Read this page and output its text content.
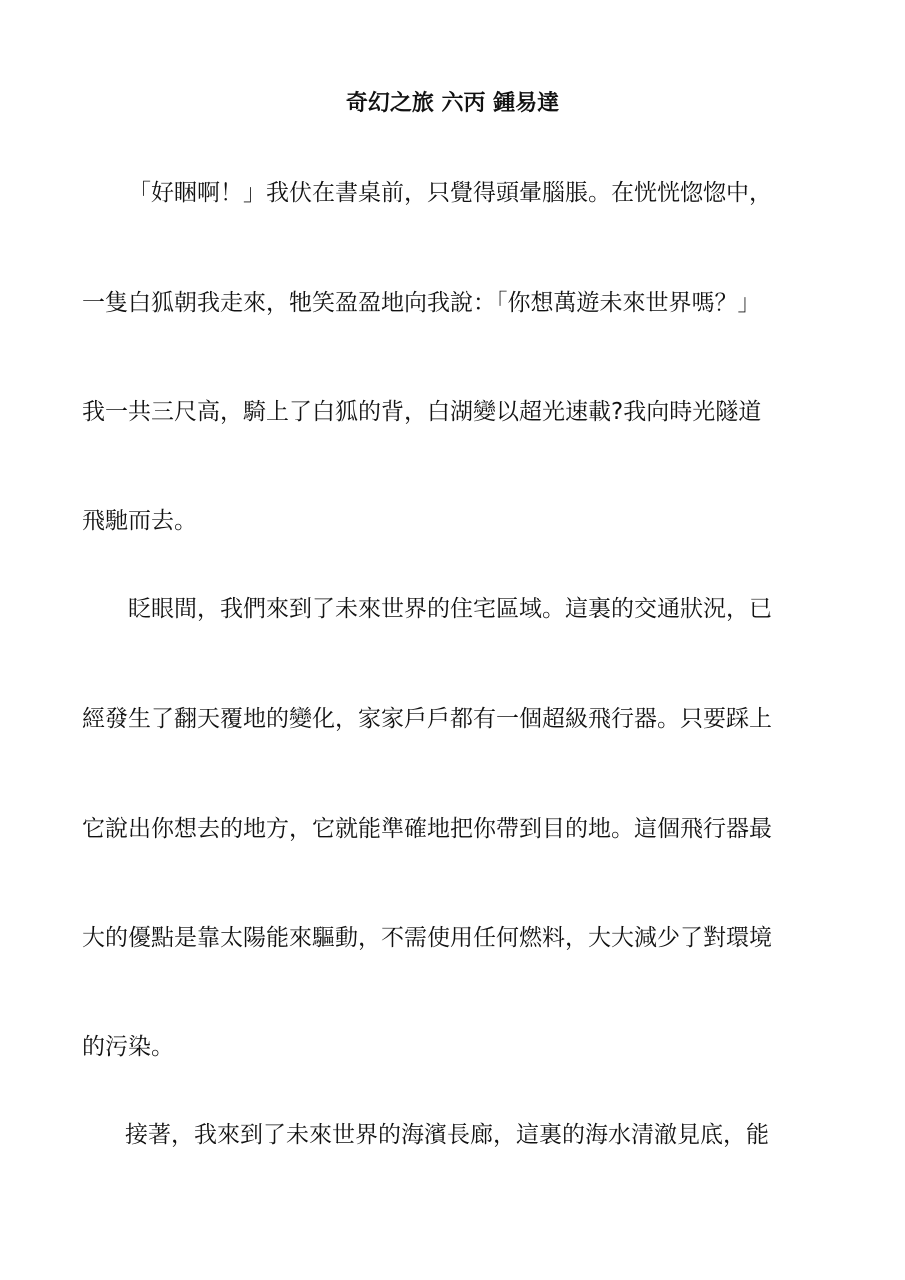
奇幻之旅 六丙 鍾易達
「好睏啊！」我伏在書桌前，只覺得頭暈腦脹。在恍恍惚惚中，
一隻白狐朝我走來，牠笑盈盈地向我說：「你想萬遊未來世界嗎？」
我一共三尺高，騎上了白狐的背，白湖變以超光速載?我向時光隧道
飛馳而去。
眨眼間，我們來到了未來世界的住宅區域。這裏的交通狀況，已
經發生了翻天覆地的變化，家家戶戶都有一個超級飛行器。只要踩上
它說出你想去的地方，它就能準確地把你帶到目的地。這個飛行器最
大的優點是靠太陽能來驅動，不需使用任何燃料，大大減少了對環境
的污染。
接著，我來到了未來世界的海濱長廊，這裏的海水清澈見底，能
